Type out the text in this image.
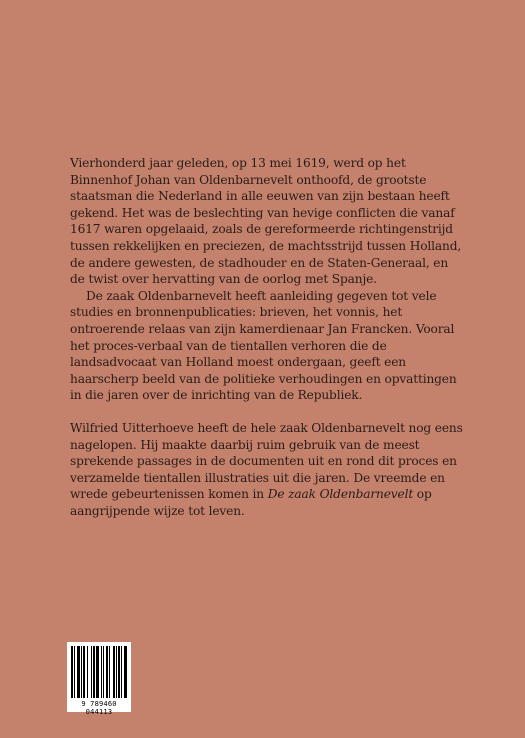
Vierhonderd jaar geleden, op 13 mei 1619, werd op het Binnenhof Johan van Oldenbarnevelt onthoofd, de grootste staatsman die Nederland in alle eeuwen van zijn bestaan heeft gekend. Het was de beslechting van hevige conflicten die vanaf 1617 waren opgelaaid, zoals de gereformeerde richtingenstrijd tussen rekkelijken en preciezen, de machtsstrijd tussen Holland, de andere gewesten, de stadhouder en de Staten-Generaal, en de twist over hervatting van de oorlog met Spanje.

De zaak Oldenbarnevelt heeft aanleiding gegeven tot vele studies en bronnenpublicaties: brieven, het vonnis, het ontroerende relaas van zijn kamerdienaar Jan Francken. Vooral het proces-verbaal van de tientallen verhoren die de landsadvocaat van Holland moest ondergaan, geeft een haarscherp beeld van de politieke verhoudingen en opvattingen in die jaren over de inrichting van de Republiek.

Wilfried Uitterhoeve heeft de hele zaak Oldenbarnevelt nog eens nagelopen. Hij maakte daarbij ruim gebruik van de meest sprekende passages in de documenten uit en rond dit proces en verzamelde tientallen illustraties uit die jaren. De vreemde en wrede gebeurtenissen komen in De zaak Oldenbarnevelt op aangrijpende wijze tot leven.

9 789460 044113
